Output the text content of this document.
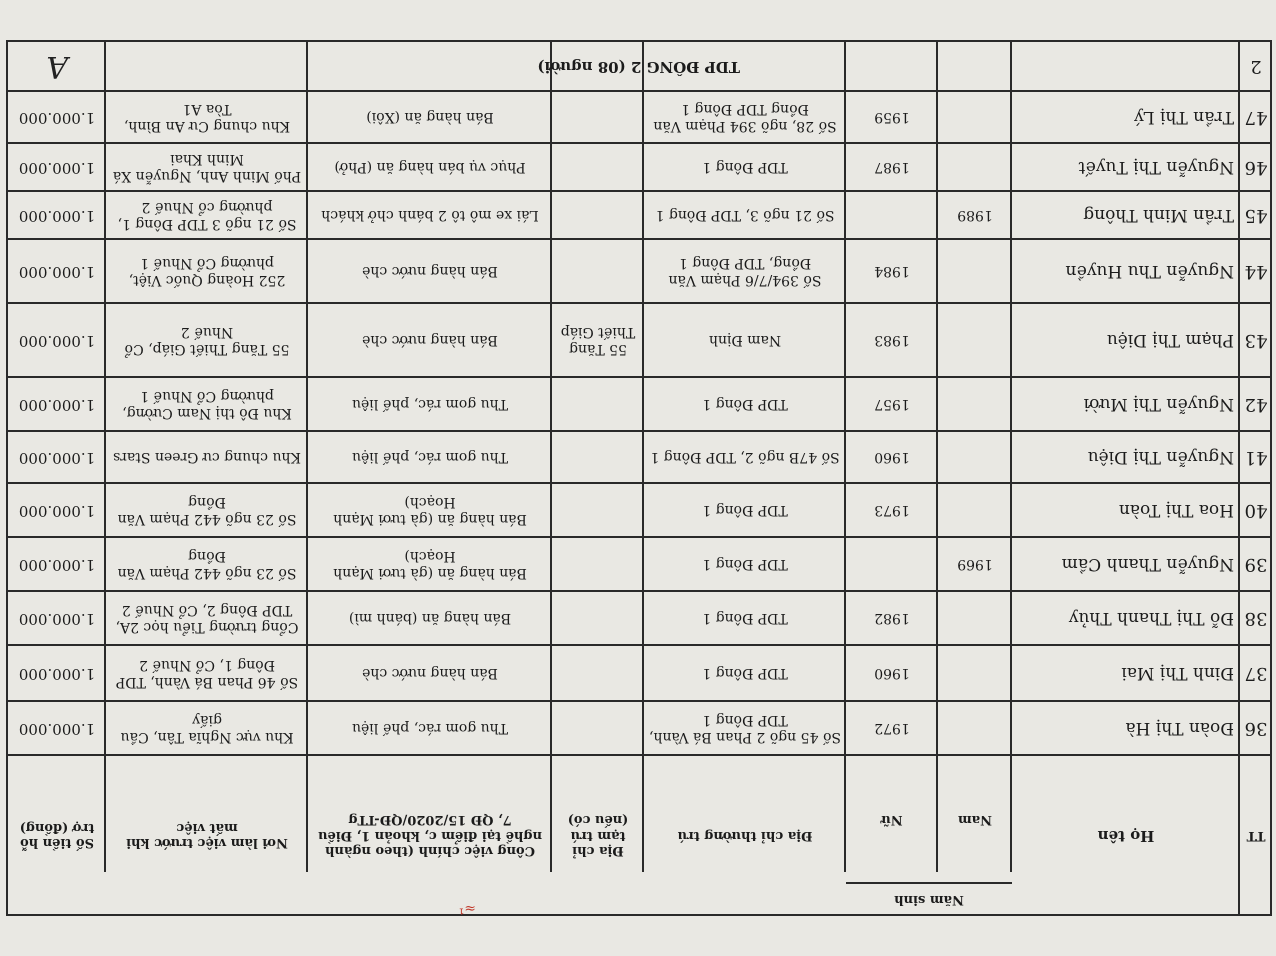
TT
Họ tên
Năm sinh
Nam
Nữ
Địa chỉ thường trú
Địa chỉ tạm trú (nếu có)
Công việc chính (theo ngành nghề tại điểm c, khoản 1, Điều 7, QĐ 15/2020/QĐ-TTg
Nơi làm việc trước khi mất việc
Số tiền hỗ trợ (đồng)
36
Đoàn Thị Hà
1972
Số 45 ngõ 2 Phan Bá Vành, TDP Đông 1
Thu gom rác, phế liệu
Khu vực Nghĩa Tân, Cầu giấy
1.000.000
37
Đinh Thị Mai
1960
TDP Đông 1
Bán hàng nước chè
Số 46 Phan Bá Vành, TDP Đông 1, Cổ Nhuế 2
1.000.000
38
Đỗ Thị Thanh Thủy
1982
TDP Đông 1
Bán hàng ăn (bánh mì)
Cổng trường Tiểu học 2A, TDP Đông 2, Cổ Nhuế 2
1.000.000
39
Nguyễn Thanh Cầm
1969
TDP Đông 1
Bán hàng ăn (gà tươi Mạnh Hoạch)
Số 23 ngõ 442 Phạm Văn Đồng
1.000.000
40
Hoa Thị Toàn
1973
TDP Đông 1
Bán hàng ăn (gà tươi Mạnh Hoạch)
Số 23 ngõ 442 Phạm Văn Đồng
1.000.000
41
Nguyễn Thị Diệu
1960
Số 47B ngõ 2, TDP Đông 1
Thu gom rác, phế liệu
Khu chung cư Green Stars
1.000.000
42
Nguyễn Thị Mười
1957
TDP Đông 1
Thu gom rác, phế liệu
Khu Đô thị Nam Cường, phường Cổ Nhuế 1
1.000.000
43
Phạm Thị Diệu
1983
Nam Định
55 Tăng Thiết Giáp
Bán hàng nước chè
55 Tăng Thiết Giáp, Cổ Nhuế 2
1.000.000
44
Nguyễn Thu Huyền
1984
Số 394/7/6 Phạm Văn Đồng, TDP Đông 1
Bán hàng nước chè
252 Hoàng Quốc Việt, phường Cổ Nhuế 1
1.000.000
45
Trần Minh Thông
1989
Số 21 ngõ 3, TDP Đông 1
Lái xe mô tô 2 bánh chở khách
Số 21 ngõ 3 TDP Đông 1, phường cổ Nhuế 2
1.000.000
46
Nguyễn Thị Tuyết
1987
TDP Đông 1
Phục vụ bán hàng ăn (Phở)
Phố Minh Anh, Nguyễn Xá Minh Khai
1.000.000
47
Trần Thị Lý
1959
Số 28, ngõ 394 Phạm Văn Đồng TDP Đông 1
Bán hàng ăn (Xôi)
Khu chung Cư An Bình, Tòa A1
1.000.000
2
TDP ĐÔNG 2 (08 người)
A
≈¹
